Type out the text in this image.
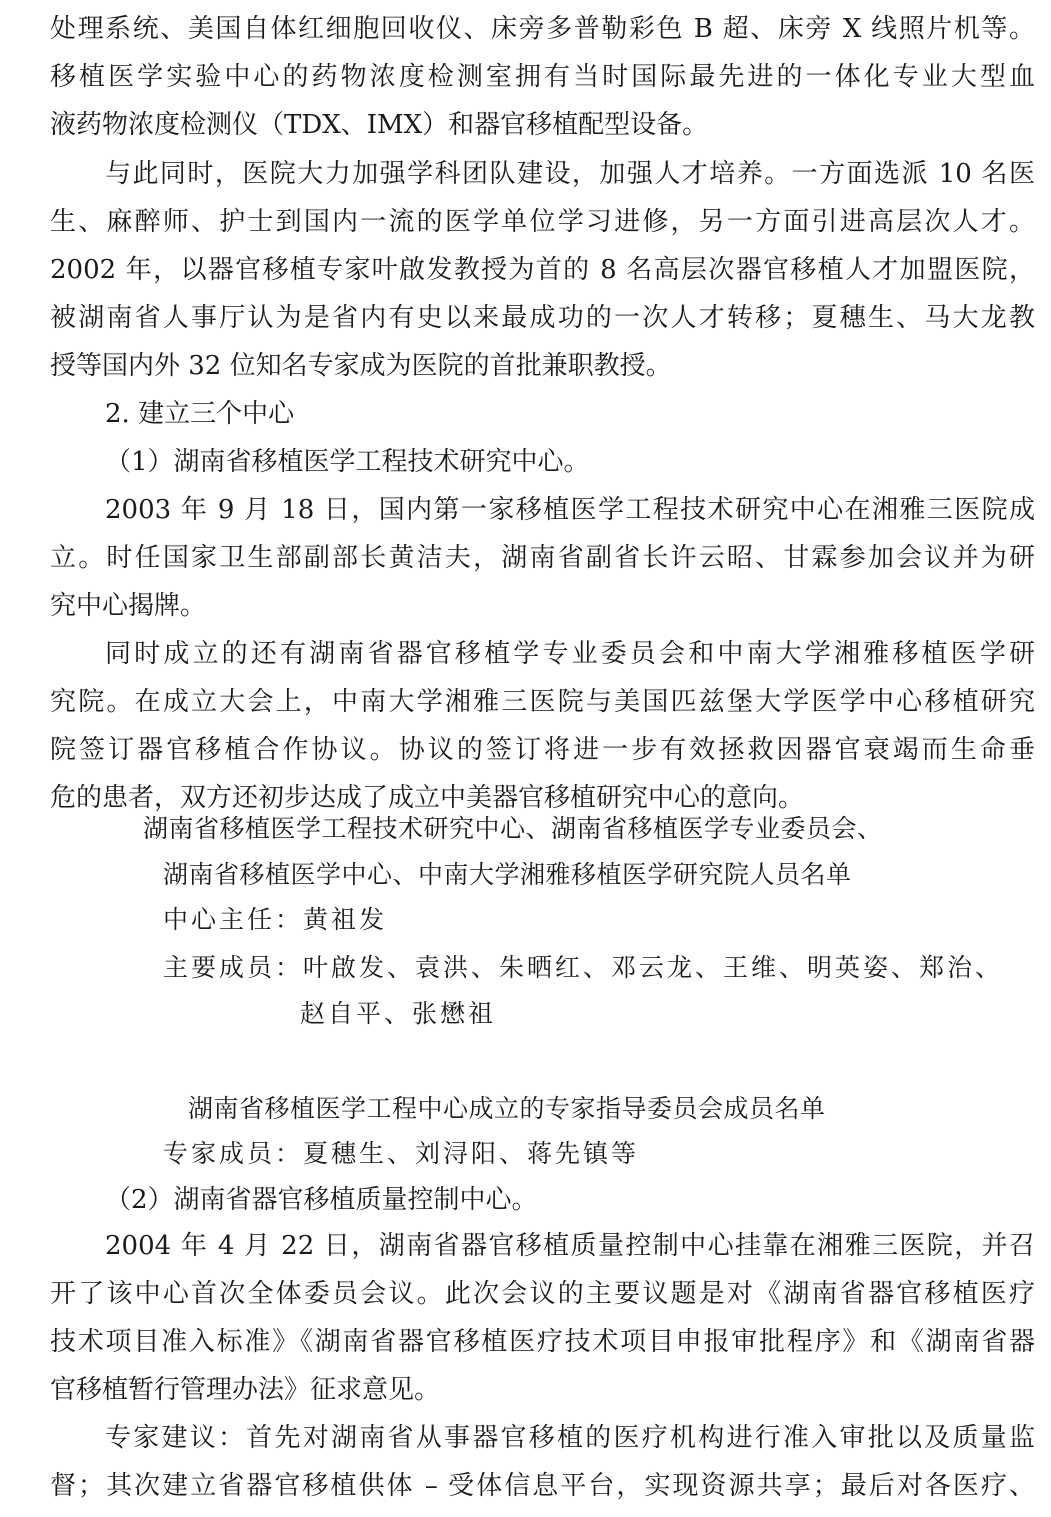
处理系统、美国自体红细胞回收仪、床旁多普勒彩色 B 超、床旁 X 线照片机等。
移植医学实验中心的药物浓度检测室拥有当时国际最先进的一体化专业大型血
液药物浓度检测仪（TDX、IMX）和器官移植配型设备。
与此同时，医院大力加强学科团队建设，加强人才培养。一方面选派 10 名医
生、麻醉师、护士到国内一流的医学单位学习进修，另一方面引进高层次人才。
2002 年，以器官移植专家叶啟发教授为首的 8 名高层次器官移植人才加盟医院，
被湖南省人事厅认为是省内有史以来最成功的一次人才转移；夏穗生、马大龙教
授等国内外 32 位知名专家成为医院的首批兼职教授。
2. 建立三个中心
（1）湖南省移植医学工程技术研究中心。
2003 年 9 月 18 日，国内第一家移植医学工程技术研究中心在湘雅三医院成
立。时任国家卫生部副部长黄洁夫，湖南省副省长许云昭、甘霖参加会议并为研
究中心揭牌。
同时成立的还有湖南省器官移植学专业委员会和中南大学湘雅移植医学研
究院。在成立大会上，中南大学湘雅三医院与美国匹兹堡大学医学中心移植研究
院签订器官移植合作协议。协议的签订将进一步有效拯救因器官衰竭而生命垂
危的患者，双方还初步达成了成立中美器官移植研究中心的意向。
湖南省移植医学工程技术研究中心、湖南省移植医学专业委员会、
湖南省移植医学中心、中南大学湘雅移植医学研究院人员名单
中心主任：黄祖发
主要成员：叶啟发、袁洪、朱晒红、邓云龙、王维、明英姿、郑治、
赵自平、张懋祖
湖南省移植医学工程中心成立的专家指导委员会成员名单
专家成员：夏穗生、刘浔阳、蒋先镇等
（2）湖南省器官移植质量控制中心。
2004 年 4 月 22 日，湖南省器官移植质量控制中心挂靠在湘雅三医院，并召
开了该中心首次全体委员会议。此次会议的主要议题是对《湖南省器官移植医疗
技术项目准入标准》《湖南省器官移植医疗技术项目申报审批程序》和《湖南省器
官移植暂行管理办法》征求意见。
专家建议：首先对湖南省从事器官移植的医疗机构进行准入审批以及质量监
督；其次建立省器官移植供体 – 受体信息平台，实现资源共享；最后对各医疗、
